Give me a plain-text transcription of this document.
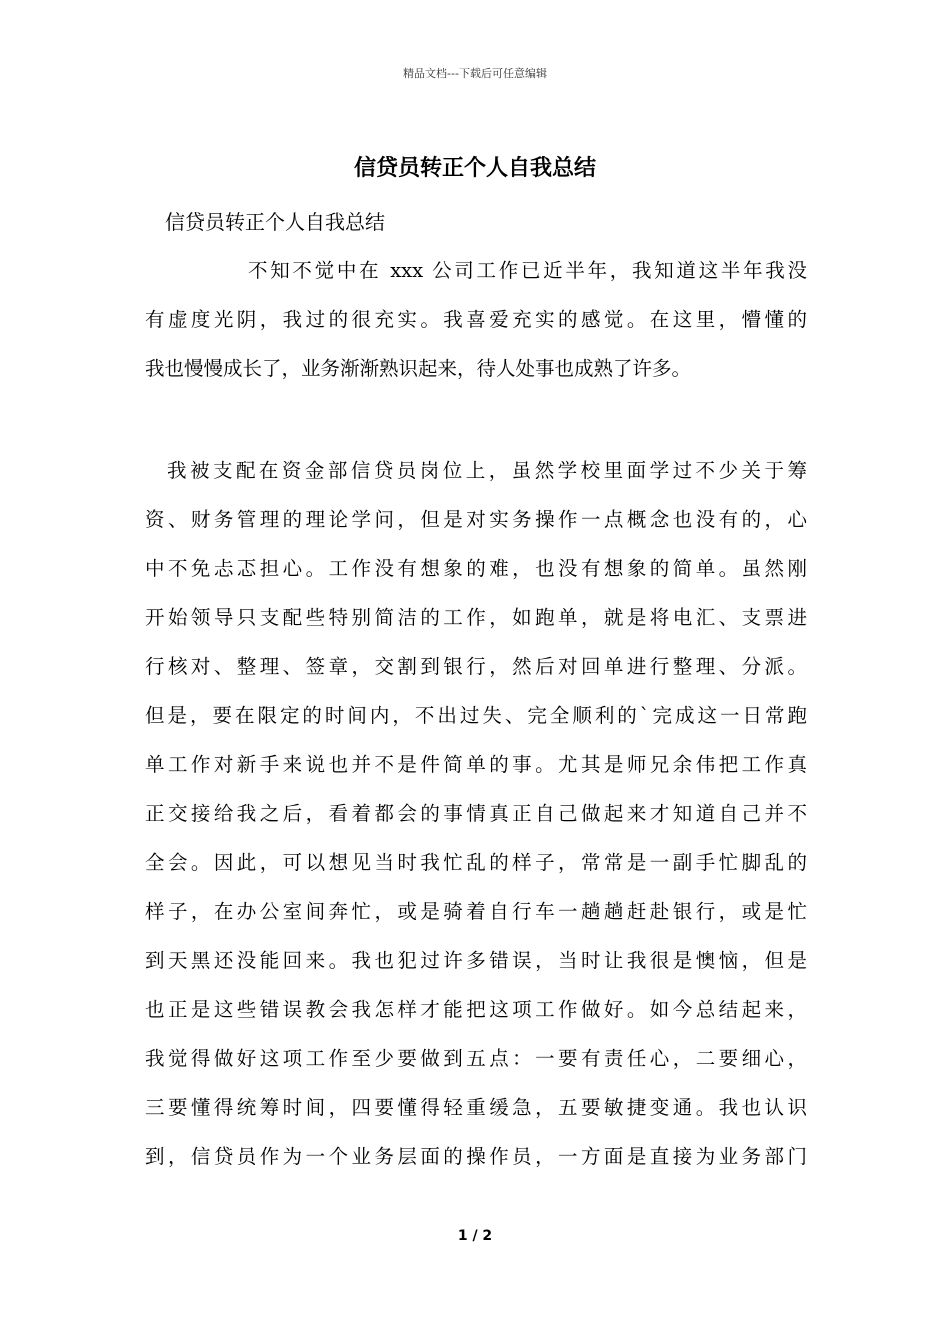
精品文档---下载后可任意编辑
信贷员转正个人自我总结
信贷员转正个人自我总结
不知不觉中在 xxx 公司工作已近半年，我知道这半年我没
有虚度光阴，我过的很充实。我喜爱充实的感觉。在这里，懵懂的
我也慢慢成长了，业务渐渐熟识起来，待人处事也成熟了许多。
我被支配在资金部信贷员岗位上，虽然学校里面学过不少关于筹
资、财务管理的理论学问，但是对实务操作一点概念也没有的，心
中不免忐忑担心。工作没有想象的难，也没有想象的简单。虽然刚
开始领导只支配些特别简洁的工作，如跑单，就是将电汇、支票进
行核对、整理、签章，交割到银行，然后对回单进行整理、分派。
但是，要在限定的时间内，不出过失、完全顺利的`完成这一日常跑
单工作对新手来说也并不是件简单的事。尤其是师兄余伟把工作真
正交接给我之后，看着都会的事情真正自己做起来才知道自己并不
全会。因此，可以想见当时我忙乱的样子，常常是一副手忙脚乱的
样子，在办公室间奔忙，或是骑着自行车一趟趟赶赴银行，或是忙
到天黑还没能回来。我也犯过许多错误，当时让我很是懊恼，但是
也正是这些错误教会我怎样才能把这项工作做好。如今总结起来，
我觉得做好这项工作至少要做到五点：一要有责任心，二要细心，
三要懂得统筹时间，四要懂得轻重缓急，五要敏捷变通。我也认识
到，信贷员作为一个业务层面的操作员，一方面是直接为业务部门
1 / 2
